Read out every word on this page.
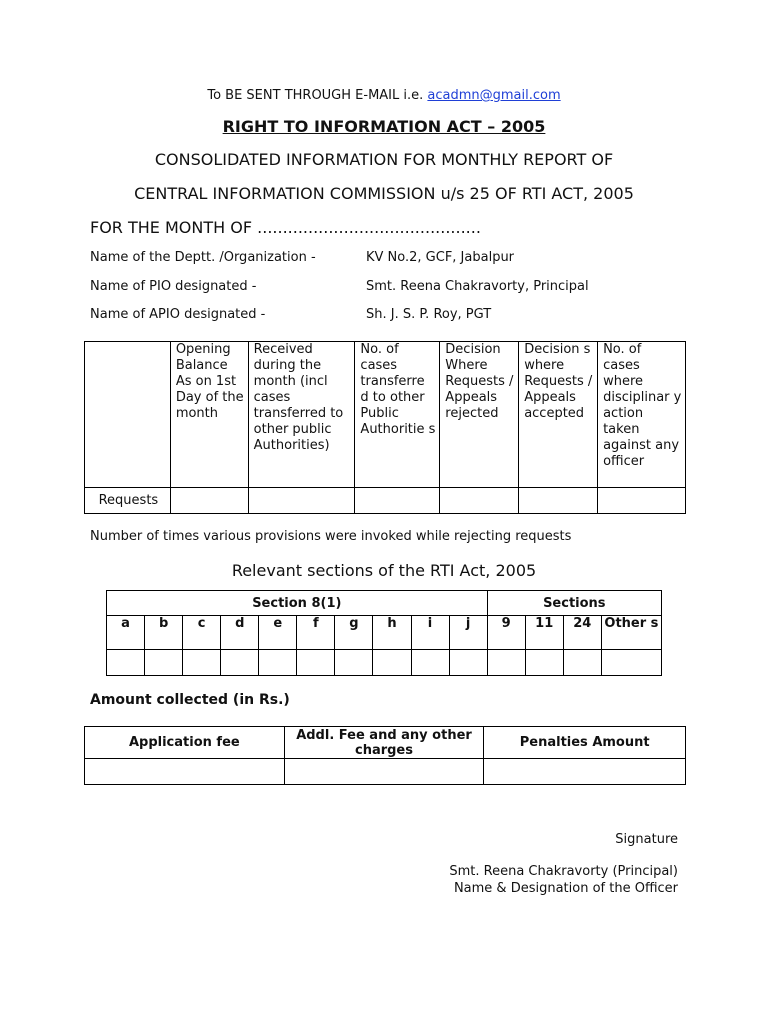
To BE SENT THROUGH E-MAIL i.e. acadmn@gmail.com
RIGHT TO INFORMATION ACT – 2005
CONSOLIDATED INFORMATION FOR MONTHLY REPORT OF
CENTRAL INFORMATION COMMISSION u/s 25 OF RTI ACT, 2005
FOR THE MONTH OF ............................................
Name of the Deptt. /Organization -	KV No.2, GCF, Jabalpur
Name of PIO designated -	Smt. Reena Chakravorty, Principal
Name of APIO designated -	Sh. J. S. P. Roy, PGT
	Opening Balance As on 1st Day of the month	Received during the month (incl cases transferred to other public Authorities)	No. of cases transferre d to other Public Authoritie s	Decision Where Requests / Appeals rejected	Decision s where Requests / Appeals accepted	No. of cases where disciplinar y action taken against any officer
Requests						
Number of times various provisions were invoked while rejecting requests
Relevant sections of the RTI Act, 2005
Section 8(1)										Sections			
a	b	c	d	e	f	g	h	i	j	9	11	24	Other s

Amount collected (in Rs.)
Application fee	Addl. Fee and any other charges	Penalties Amount

Signature
Smt. Reena Chakravorty (Principal)
Name & Designation of the Officer
